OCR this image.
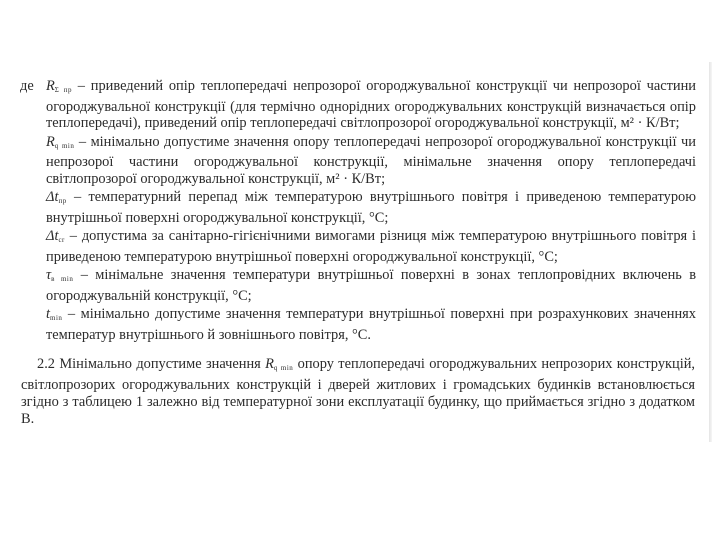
де $R_{\Sigma пр}$ – приведений опір теплопередачі непрозорої огороджувальної конструкції чи непрозорої частини огороджувальної конструкції (для термічно однорідних огороджувальних конструкцій визначається опір теплопередачі), приведений опір теплопередачі світлопрозорої огороджувальної конструкції, м² · К/Вт;
$R_{q min}$ – мінімально допустиме значення опору теплопередачі непрозорої огороджувальної конструкції чи непрозорої частини огороджувальної конструкції, мінімальне значення опору теплопередачі світлопрозорої огороджувальної конструкції, м² · К/Вт;
$\Delta t_{пр}$ – температурний перепад між температурою внутрішнього повітря і приведеною температурою внутрішньої поверхні огороджувальної конструкції, °С;
$\Delta t_{cr}$ – допустима за санітарно-гігієнічними вимогами різниця між температурою внутрішнього повітря і приведеною температурою внутрішньої поверхні огороджувальної конструкції, °С;
$\tau_{в min}$ – мінімальне значення температури внутрішньої поверхні в зонах теплопровідних включень в огороджувальній конструкції, °С;
$t_{min}$ – мінімально допустиме значення температури внутрішньої поверхні при розрахункових значеннях температур внутрішнього й зовнішнього повітря, °С.
2.2 Мінімально допустиме значення $R_{q min}$ опору теплопередачі огороджувальних непрозорих конструкцій, світлопрозорих огороджувальних конструкцій і дверей житлових і громадських будинків встановлюється згідно з таблицею 1 залежно від температурної зони експлуатації будинку, що приймається згідно з додатком В.
